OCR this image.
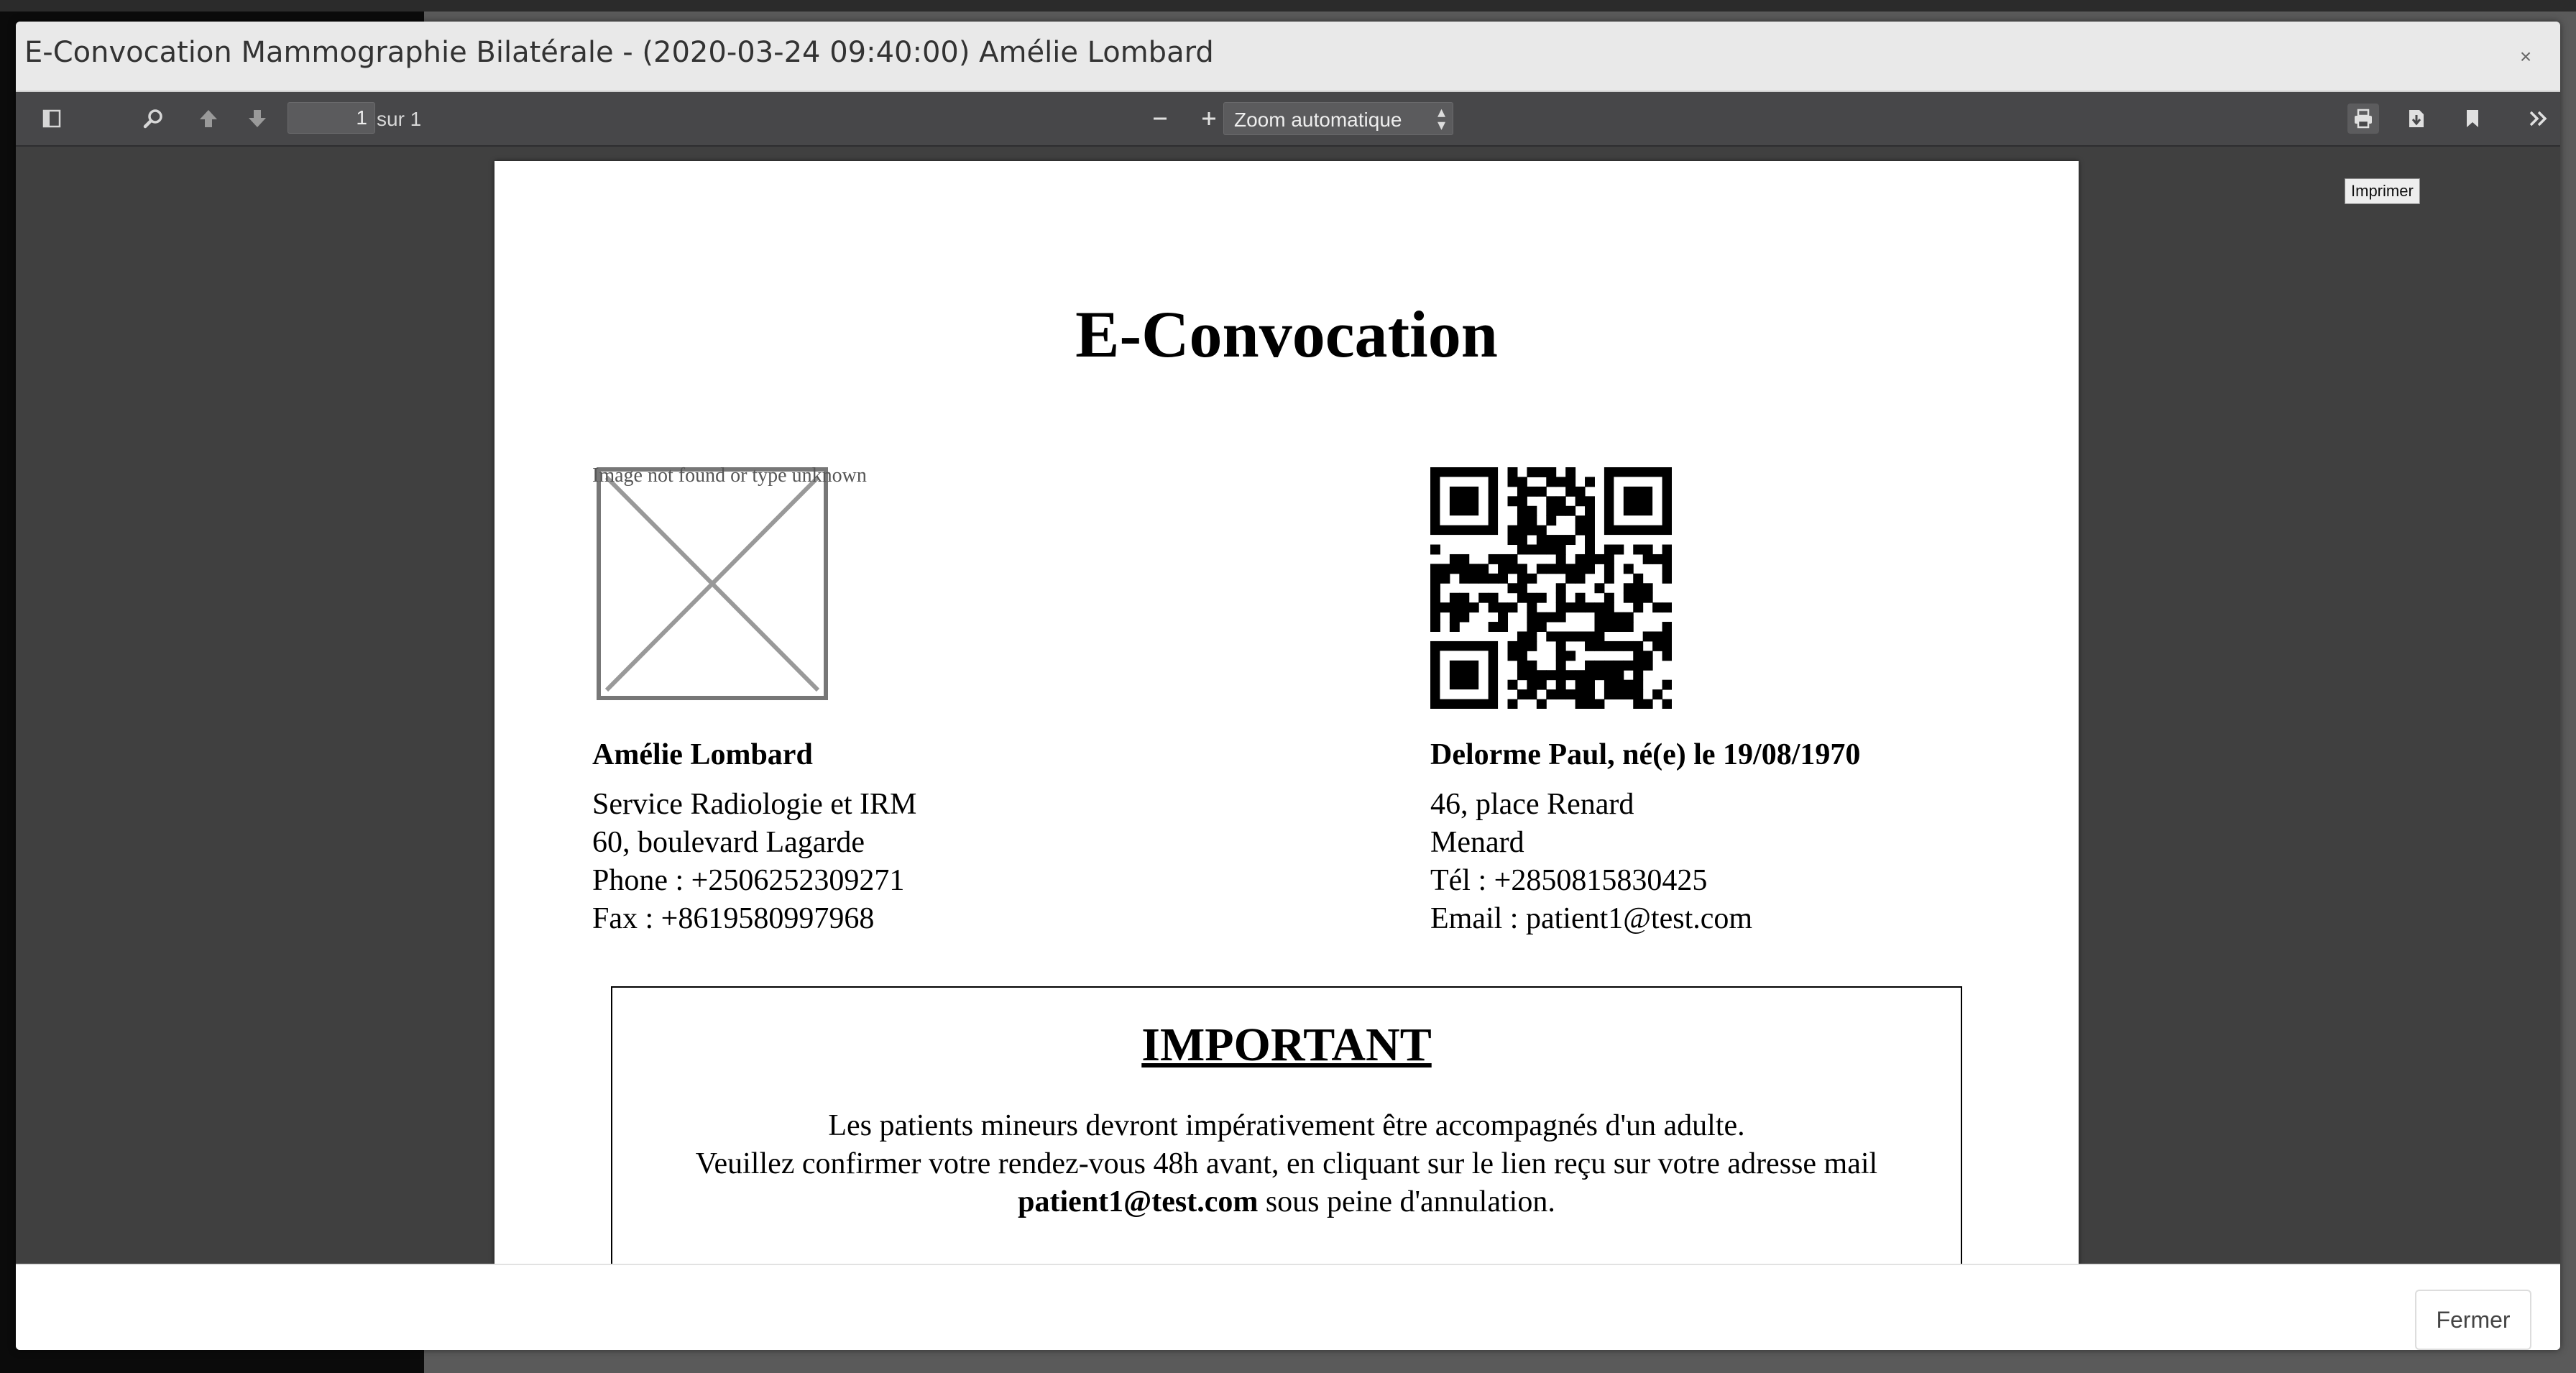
E-Convocation Mammographie Bilatérale - (2020-03-24 09:40:00) Amélie Lombard	×
1
sur 1	Zoom automatique ▴
▾
Imprimer
E-Convocation
Image not found or type unknown
Amélie Lombard
Service Radiologie et IRM
60, boulevard Lagarde
Phone : +2506252309271
Fax : +8619580997968
Delorme Paul, né(e) le 19/08/1970
46, place Renard
Menard
Tél : +2850815830425
Email : patient1@test.com
IMPORTANT
Les patients mineurs devront impérativement être accompagnés d'un adulte.
Veuillez confirmer votre rendez-vous 48h avant, en cliquant sur le lien reçu sur votre adresse mail
patient1@test.com sous peine d'annulation.
Fermer
